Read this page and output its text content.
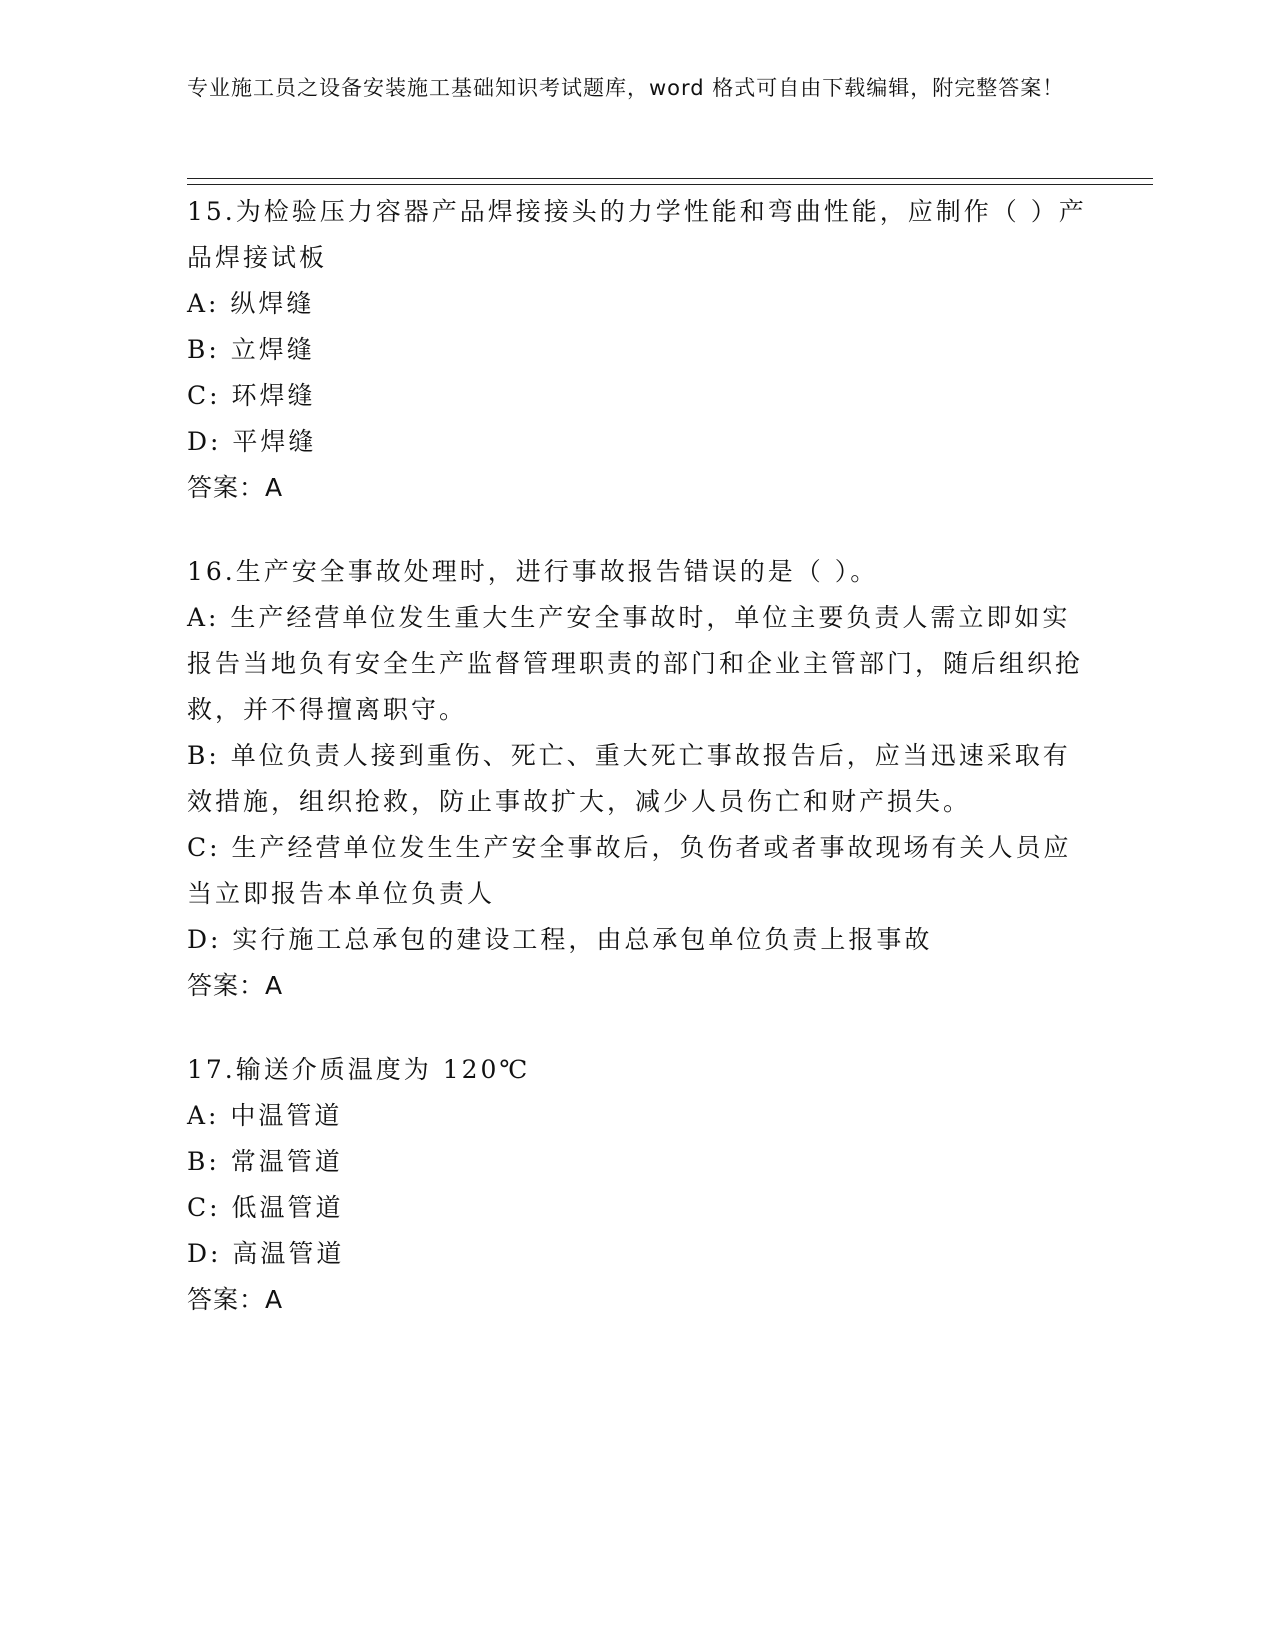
专业施工员之设备安装施工基础知识考试题库，word 格式可自由下载编辑，附完整答案！

15.为检验压力容器产品焊接接头的力学性能和弯曲性能，应制作（ ）产品焊接试板

A: 纵焊缝

B: 立焊缝

C: 环焊缝

D: 平焊缝

答案：A

16.生产安全事故处理时，进行事故报告错误的是（ ）。

A: 生产经营单位发生重大生产安全事故时，单位主要负责人需立即如实报告当地负有安全生产监督管理职责的部门和企业主管部门，随后组织抢救，并不得擅离职守。

B: 单位负责人接到重伤、死亡、重大死亡事故报告后，应当迅速采取有效措施，组织抢救，防止事故扩大，减少人员伤亡和财产损失。

C: 生产经营单位发生生产安全事故后，负伤者或者事故现场有关人员应当立即报告本单位负责人

D: 实行施工总承包的建设工程，由总承包单位负责上报事故

答案：A

17.输送介质温度为 120℃

A: 中温管道

B: 常温管道

C: 低温管道

D: 高温管道

答案：A
